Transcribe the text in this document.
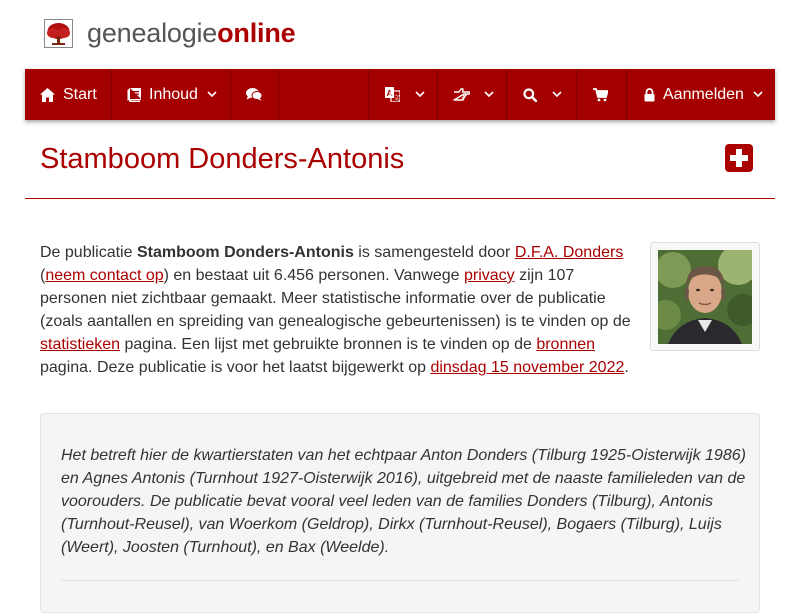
genealogieonline
Start	Inhoud	A
文	Aanmelden
Stamboom Donders-Antonis

De publicatie Stamboom Donders-Antonis is samengesteld door D.F.A. Donders (neem contact op) en bestaat uit 6.456 personen. Vanwege privacy zijn 107 personen niet zichtbaar gemaakt. Meer statistische informatie over de publicatie (zoals aantallen en spreiding van genealogische gebeurtenissen) is te vinden op de statistieken pagina. Een lijst met gebruikte bronnen is te vinden op de bronnen pagina. Deze publicatie is voor het laatst bijgewerkt op dinsdag 15 november 2022.

Het betreft hier de kwartierstaten van het echtpaar Anton Donders (Tilburg 1925-Oisterwijk 1986) en Agnes Antonis (Turnhout 1927-Oisterwijk 2016), uitgebreid met de naaste familieleden van de voorouders. De publicatie bevat vooral veel leden van de families Donders (Tilburg), Antonis (Turnhout-Reusel), van Woerkom (Geldrop), Dirkx (Turnhout-Reusel), Bogaers (Tilburg), Luijs (Weert), Joosten (Turnhout), en Bax (Weelde).
